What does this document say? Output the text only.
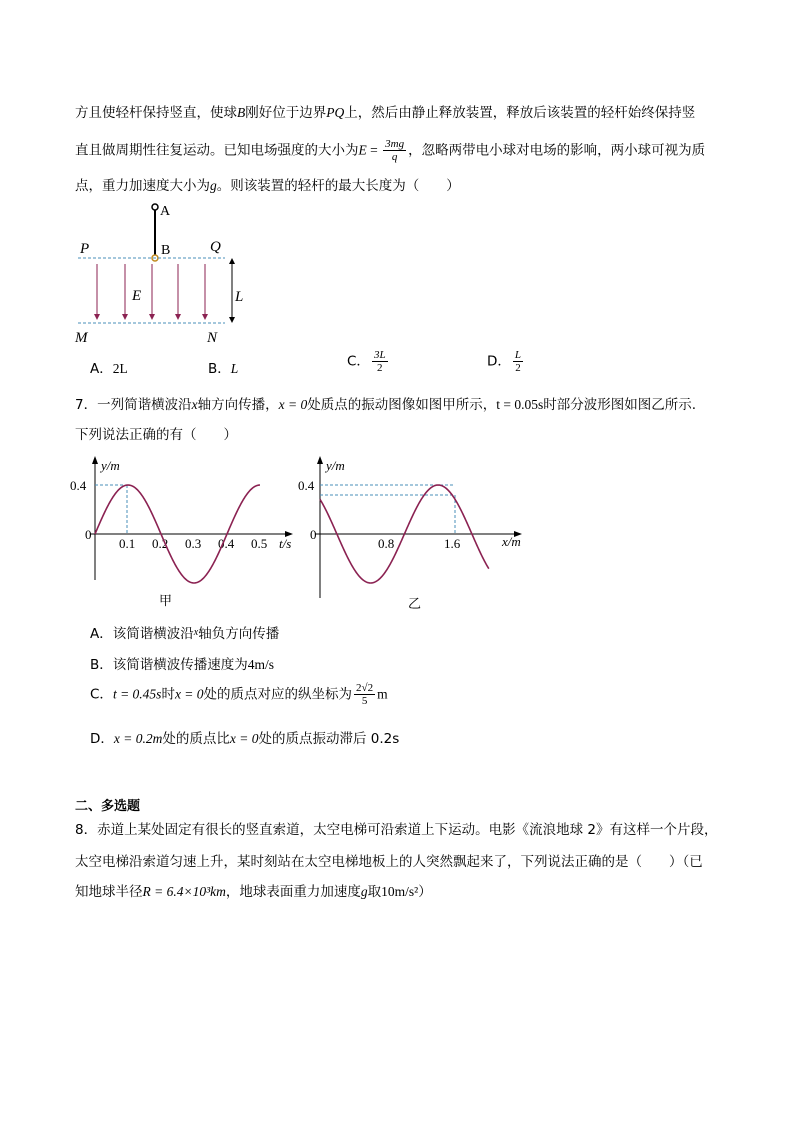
方且使轻杆保持竖直，使球B刚好位于边界PQ上，然后由静止释放装置，释放后该装置的轻杆始终保持竖
直且做周期性往复运动。已知电场强度的大小为$E = \frac{3mg}{q}$ ，忽略两带电小球对电场的影响，两小球可视为质
点，重力加速度大小为g。则该装置的轻杆的最大长度为（　　）
A
B
P	Q
E	L
M	N
A．2L	B．L	C． $\frac{3L}{2}$	D． $\frac{L}{2}$
7．一列简谐横波沿x轴方向传播，x = 0处质点的振动图像如图甲所示，t = 0.05s时部分波形图如图乙所示.
下列说法正确的有（　　）
y/m
t/s
0.4
0
0.1 0.2 0.3 0.4 0.5
甲
y/m
x/m
0.4
0
0.8	1.6
乙
A．该简谐横波沿$^x$轴负方向传播
B．该简谐横波传播速度为4m/s
C．t = 0.45s时x = 0处的质点对应的纵坐标为 $\frac{2√2}{5}$ m
D．x = 0.2m处的质点比x = 0处的质点振动滞后 0.2s
二、多选题
8．赤道上某处固定有很长的竖直索道，太空电梯可沿索道上下运动。电影《流浪地球 2》有这样一个片段，
太空电梯沿索道匀速上升，某时刻站在太空电梯地板上的人突然飘起来了，下列说法正确的是（　　）（已
知地球半径R = 6.4×10³km，地球表面重力加速度g取10m/s²）
